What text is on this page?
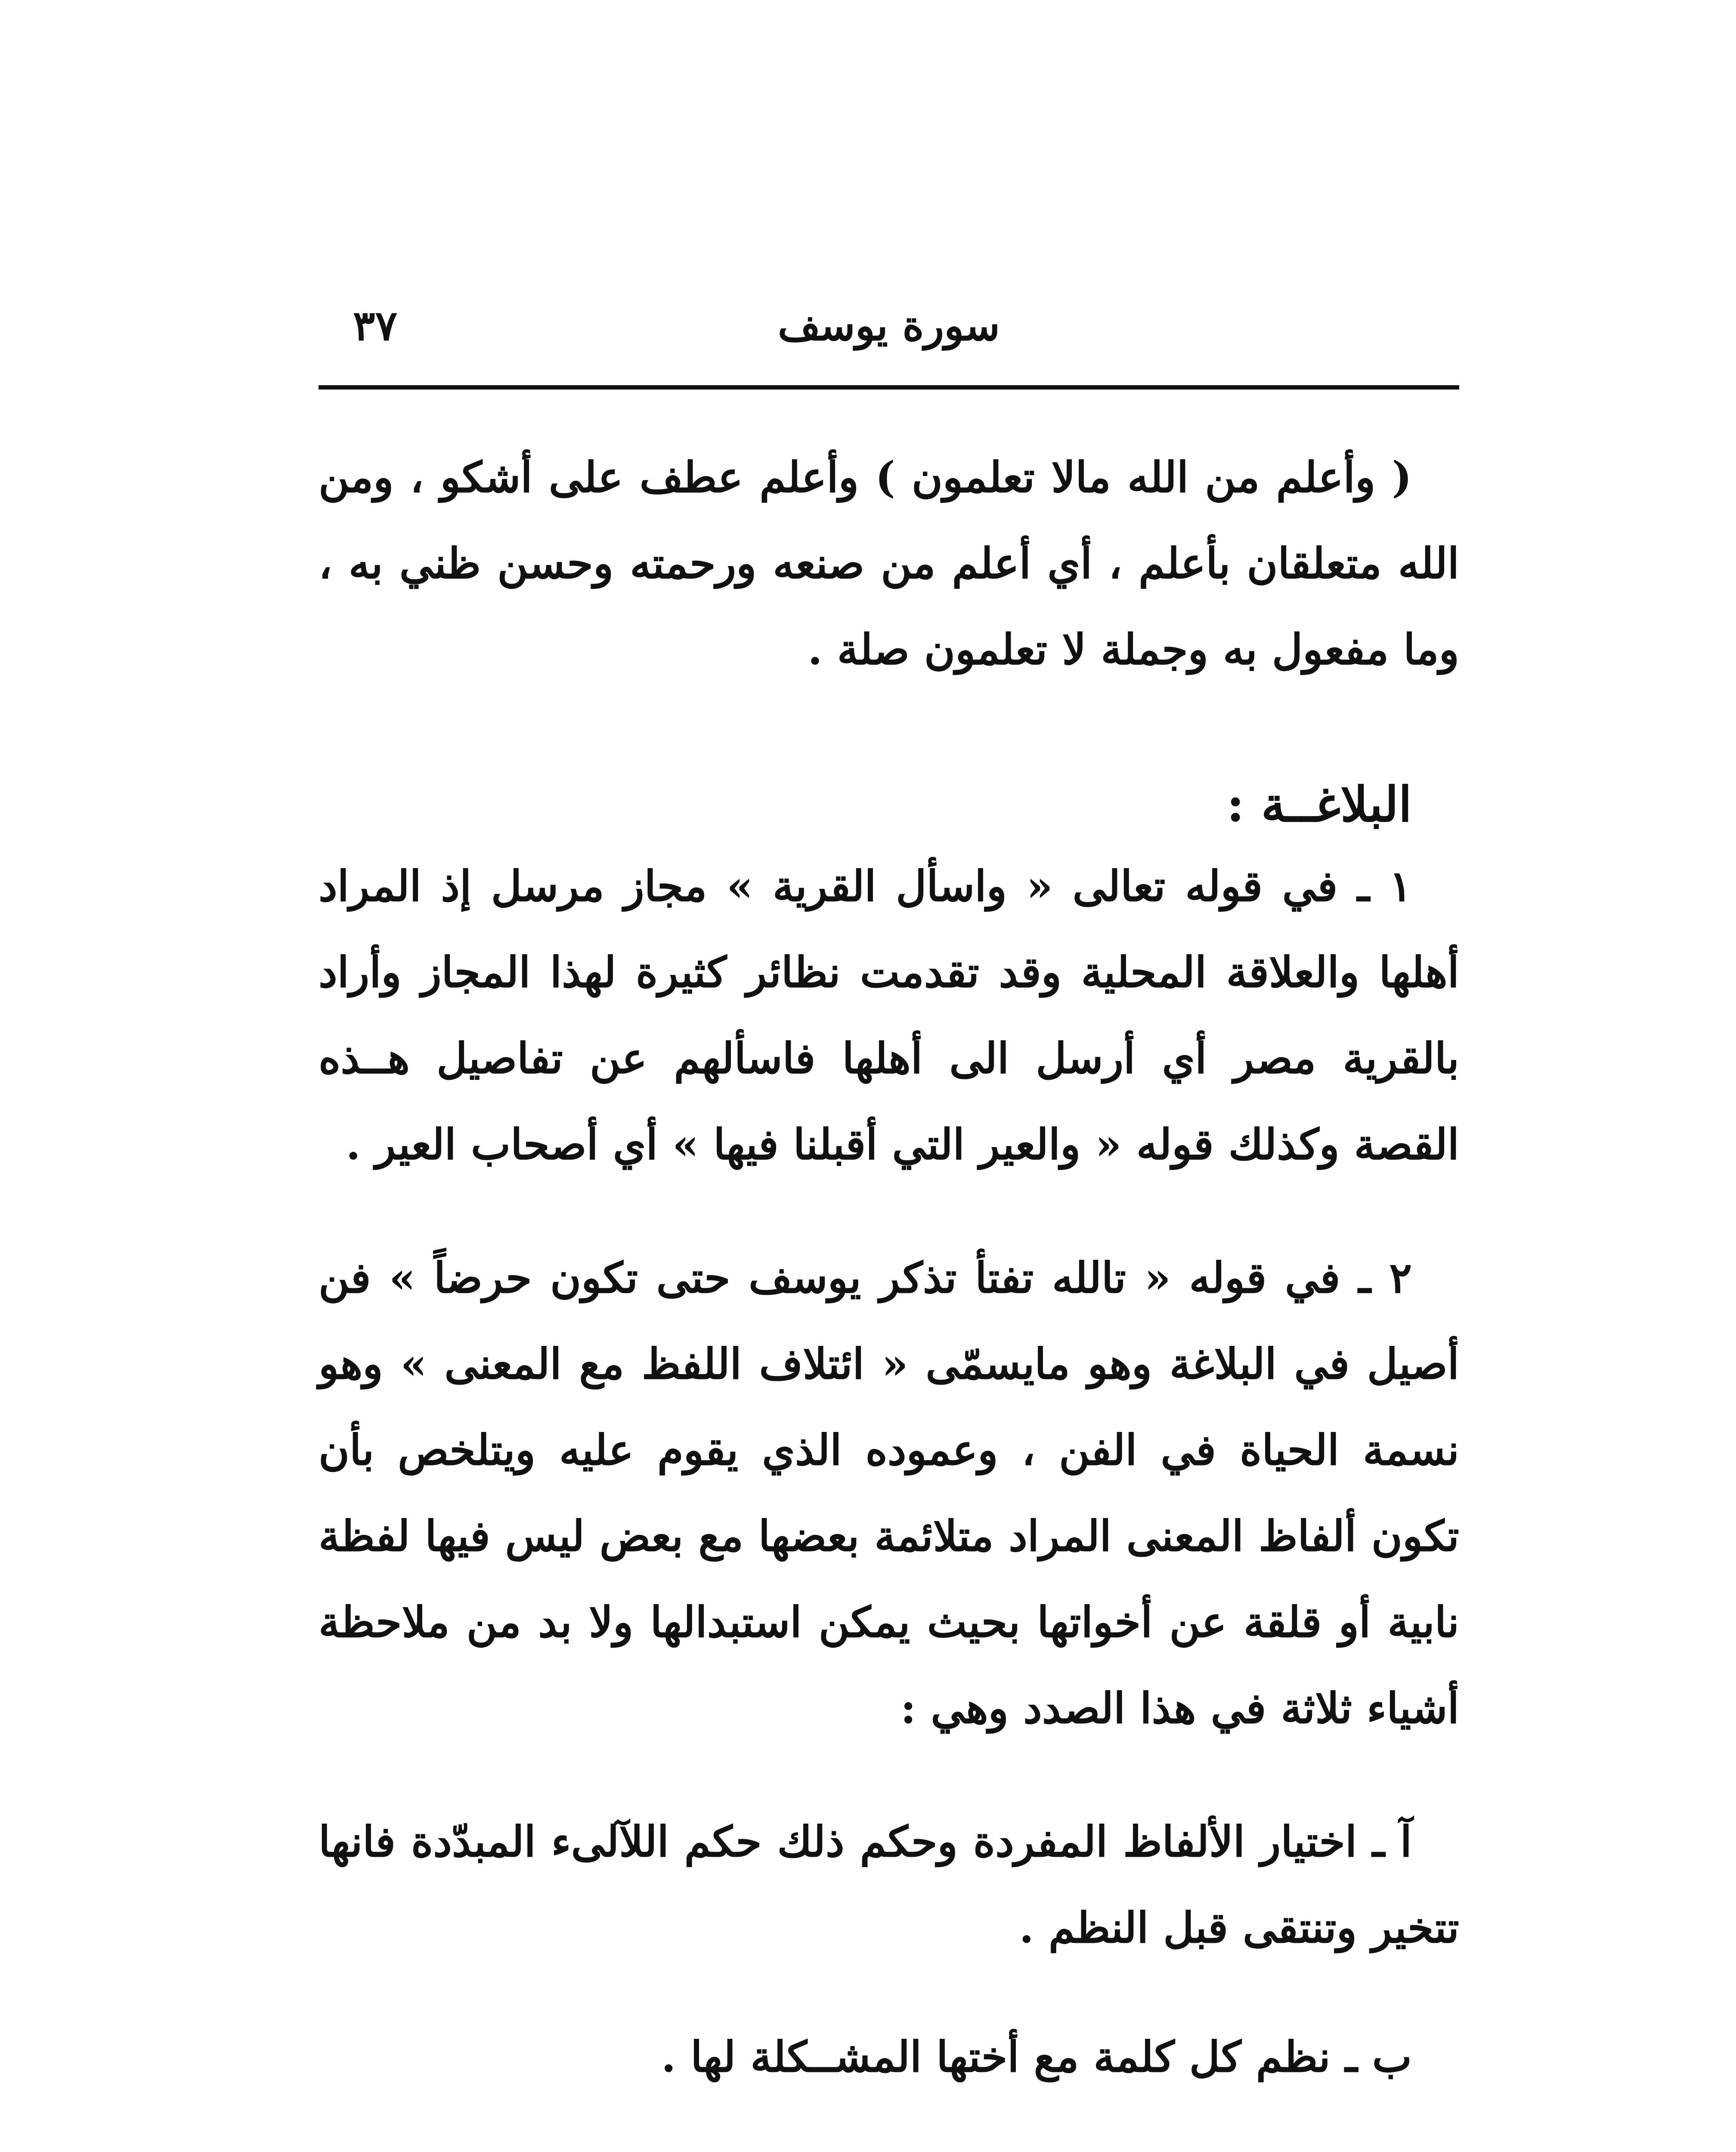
سورة يوسف
٣٧

( وأعلم من الله مالا تعلمون ) وأعلم عطف على أشكو ، ومن الله متعلقان بأعلم ، أي أعلم من صنعه ورحمته وحسن ظني به ، وما مفعول به وجملة لا تعلمون صلة .

البلاغــة :

١ ـ في قوله تعالى « واسأل القرية » مجاز مرسل إذ المراد أهلها والعلاقة المحلية وقد تقدمت نظائر كثيرة لهذا المجاز وأراد بالقرية مصر أي أرسل الى أهلها فاسألهم عن تفاصيل هــذه القصة وكذلك قوله « والعير التي أقبلنا فيها » أي أصحاب العير .

٢ ـ في قوله « تالله تفتأ تذكر يوسف حتى تكون حرضاً » فن أصيل في البلاغة وهو مايسمّى « ائتلاف اللفظ مع المعنى » وهو نسمة الحياة في الفن ، وعموده الذي يقوم عليه ويتلخص بأن تكون ألفاظ المعنى المراد متلائمة بعضها مع بعض ليس فيها لفظة نابية أو قلقة عن أخواتها بحيث يمكن استبدالها ولا بد من ملاحظة أشياء ثلاثة في هذا الصدد وهي :

آ ـ اختيار الألفاظ المفردة وحكم ذلك حكم اللآلىء المبدّدة فانها تتخير وتنتقى قبل النظم .

ب ـ نظم كل كلمة مع أختها المشــكلة لها .
